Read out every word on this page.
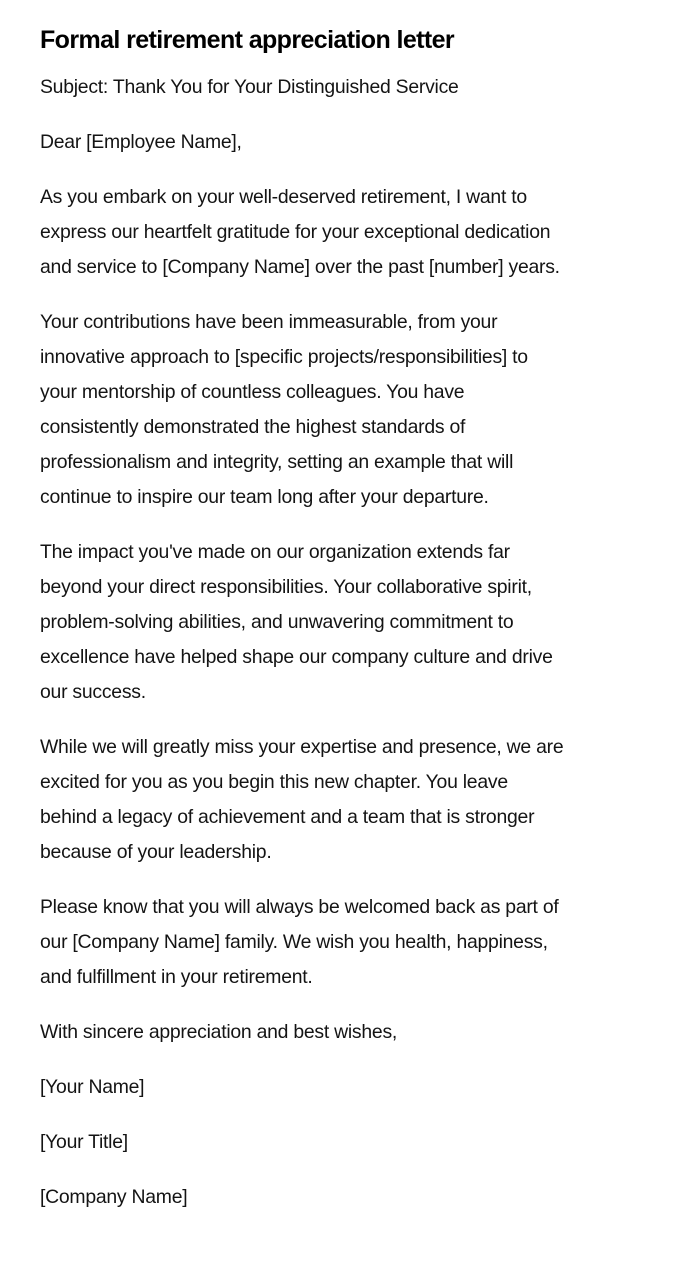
Formal retirement appreciation letter

Subject: Thank You for Your Distinguished Service

Dear [Employee Name],

As you embark on your well-deserved retirement, I want to
express our heartfelt gratitude for your exceptional dedication
and service to [Company Name] over the past [number] years.

Your contributions have been immeasurable, from your
innovative approach to [specific projects/responsibilities] to
your mentorship of countless colleagues. You have
consistently demonstrated the highest standards of
professionalism and integrity, setting an example that will
continue to inspire our team long after your departure.

The impact you've made on our organization extends far
beyond your direct responsibilities. Your collaborative spirit,
problem-solving abilities, and unwavering commitment to
excellence have helped shape our company culture and drive
our success.

While we will greatly miss your expertise and presence, we are
excited for you as you begin this new chapter. You leave
behind a legacy of achievement and a team that is stronger
because of your leadership.

Please know that you will always be welcomed back as part of
our [Company Name] family. We wish you health, happiness,
and fulfillment in your retirement.

With sincere appreciation and best wishes,

[Your Name]

[Your Title]

[Company Name]
